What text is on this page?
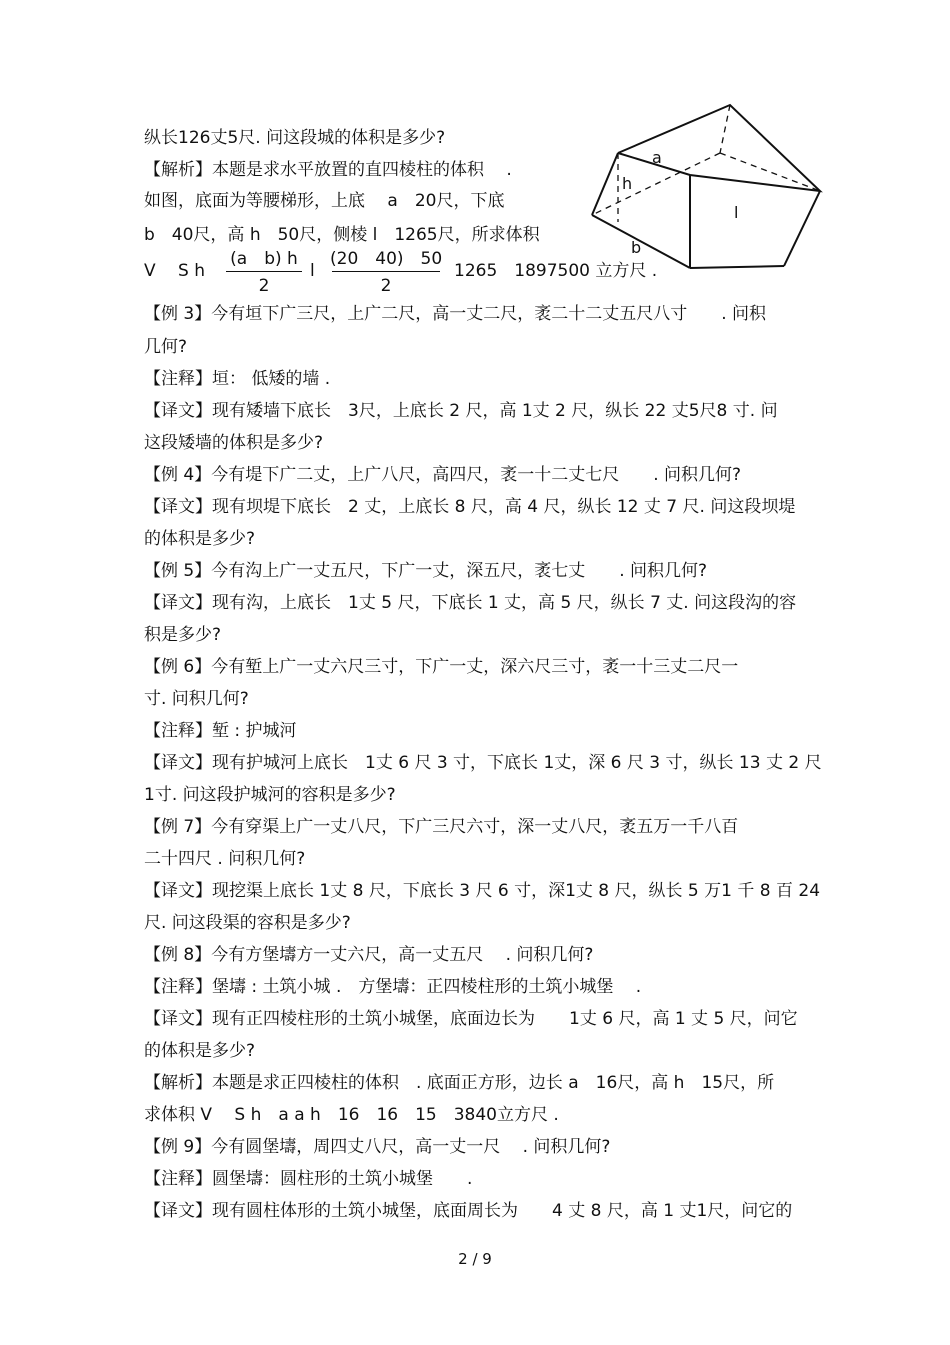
a
h
l
b
纵长126丈5尺. 问这段城的体积是多少?
【解析】本题是求水平放置的直四棱柱的体积　 .
如图，底面为等腰梯形，上底　 a　20尺，下底
b　40尺，高 h　50尺，侧棱 l　1265尺，所求体积
V　 S h
(a　b) h
2
l
(20　40)　50
2
1265　1897500 立方尺 .
【例 3】今有垣下广三尺，上广二尺，高一丈二尺，袤二十二丈五尺八寸　　. 问积
几何?
【注释】垣： 低矮的墙 .
【译文】现有矮墙下底长　3尺，上底长 2 尺，高 1丈 2 尺，纵长 22 丈5尺8 寸. 问
这段矮墙的体积是多少?
【例 4】今有堤下广二丈，上广八尺，高四尺，袤一十二丈七尺　　. 问积几何?
【译文】现有坝堤下底长　2 丈，上底长 8 尺，高 4 尺，纵长 12 丈 7 尺. 问这段坝堤
的体积是多少?
【例 5】今有沟上广一丈五尺，下广一丈，深五尺，袤七丈　　. 问积几何?
【译文】现有沟，上底长　1丈 5 尺，下底长 1 丈，高 5 尺，纵长 7 丈. 问这段沟的容
积是多少?
【例 6】今有堑上广一丈六尺三寸，下广一丈，深六尺三寸，袤一十三丈二尺一
寸. 问积几何?
【注释】堑 : 护城河
【译文】现有护城河上底长　1丈 6 尺 3 寸，下底长 1丈，深 6 尺 3 寸，纵长 13 丈 2 尺
1寸. 问这段护城河的容积是多少?
【例 7】今有穿渠上广一丈八尺，下广三尺六寸，深一丈八尺，袤五万一千八百
二十四尺 . 问积几何?
【译文】现挖渠上底长 1丈 8 尺，下底长 3 尺 6 寸，深1丈 8 尺，纵长 5 万1 千 8 百 24
尺. 问这段渠的容积是多少?
【例 8】今有方堡壔方一丈六尺，高一丈五尺　 . 问积几何?
【注释】堡壔 : 土筑小城 .　方堡壔：正四棱柱形的土筑小城堡　 .
【译文】现有正四棱柱形的土筑小城堡，底面边长为　　1丈 6 尺，高 1 丈 5 尺，问它
的体积是多少?
【解析】本题是求正四棱柱的体积　. 底面正方形，边长 a　16尺，高 h　15尺，所
求体积 V　 S h　a a h　16　16　15　3840立方尺 .
【例 9】今有圆堡壔，周四丈八尺，高一丈一尺　 . 问积几何?
【注释】圆堡壔：圆柱形的土筑小城堡　　.
【译文】现有圆柱体形的土筑小城堡，底面周长为　　4 丈 8 尺，高 1 丈1尺，问它的
2 / 9
